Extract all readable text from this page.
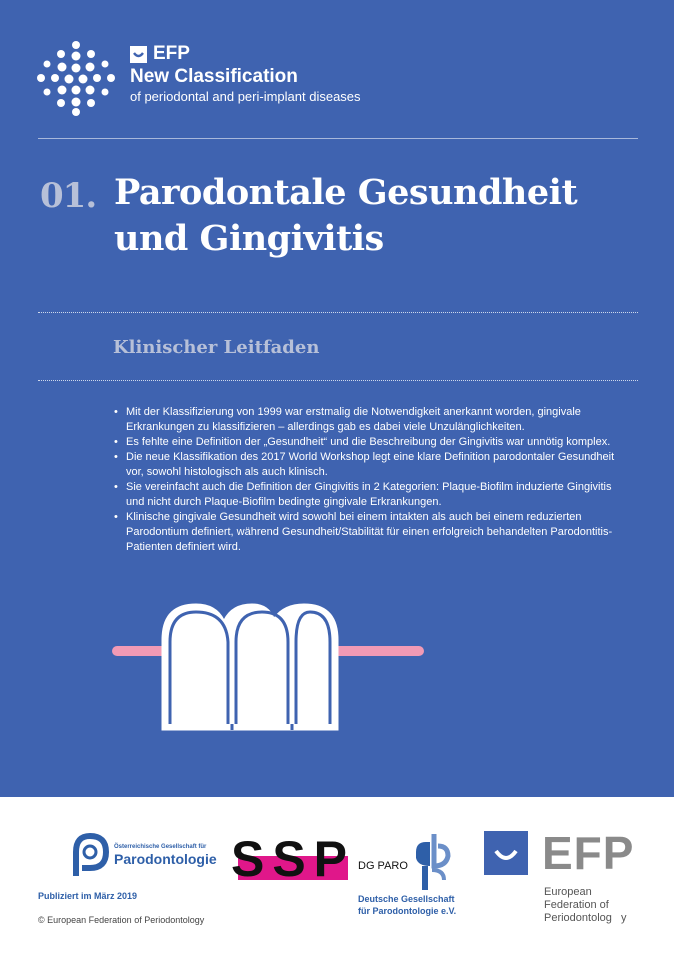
EFP
New Classification
of periodontal and peri-implant diseases
01. Parodontale Gesundheit
und Gingivitis
Klinischer Leitfaden
• Mit der Klassifizierung von 1999 war erstmalig die Notwendigkeit anerkannt worden, gingivale Erkrankungen zu klassifizieren – allerdings gab es dabei viele Unzulänglichkeiten.
• Es fehlte eine Definition der „Gesundheit“ und die Beschreibung der Gingivitis war unnötig komplex.
• Die neue Klassifikation des 2017 World Workshop legt eine klare Definition parodontaler Gesundheit vor, sowohl histologisch als auch klinisch.
• Sie vereinfacht auch die Definition der Gingivitis in 2 Kategorien: Plaque-Biofilm induzierte Gingivitis und nicht durch Plaque-Biofilm bedingte gingivale Erkrankungen.
• Klinische gingivale Gesundheit wird sowohl bei einem intakten als auch bei einem reduzierten Parodontium definiert, während Gesundheit/Stabilität für einen erfolgreich behandelten Parodontitis-Patienten definiert wird.
Österreichische Gesellschaft für
Parodontologie SSP DG PARO
Deutsche Gesellschaft
für Parodontologie e.V.
EFP
European
Federation of
Periodontolog   y
Publiziert im März 2019
© European Federation of Periodontology
